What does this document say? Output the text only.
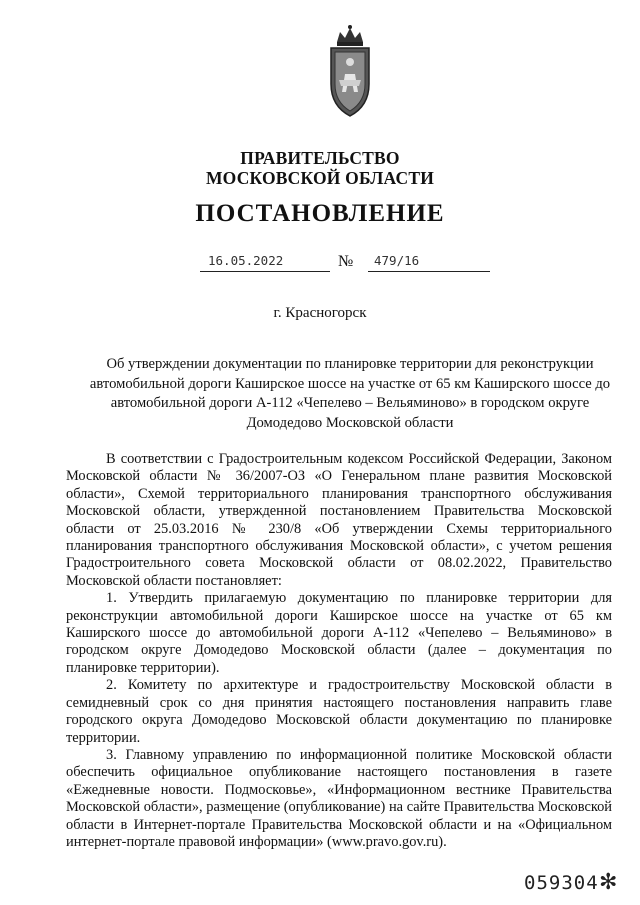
ПРАВИТЕЛЬСТВО
МОСКОВСКОЙ ОБЛАСТИ
ПОСТАНОВЛЕНИЕ
16.05.2022	№	479/16
г. Красногорск
Об утверждении документации по планировке территории для реконструкции автомобильной дороги Каширское шоссе на участке от 65 км Каширского шоссе до автомобильной дороги А-112 «Чепелево – Вельяминово» в городском округе Домодедово Московской области

В соответствии с Градостроительным кодексом Российской Федерации, Законом Московской области № 36/2007-ОЗ «О Генеральном плане развития Московской области», Схемой территориального планирования транспортного обслуживания Московской области, утвержденной постановлением Правительства Московской области от 25.03.2016 № 230/8 «Об утверждении Схемы территориального планирования транспортного обслуживания Московской области», с учетом решения Градостроительного совета Московской области от 08.02.2022, Правительство Московской области постановляет:

1. Утвердить прилагаемую документацию по планировке территории для реконструкции автомобильной дороги Каширское шоссе на участке от 65 км Каширского шоссе до автомобильной дороги А-112 «Чепелево – Вельяминово» в городском округе Домодедово Московской области (далее – документация по планировке территории).

2. Комитету по архитектуре и градостроительству Московской области в семидневный срок со дня принятия настоящего постановления направить главе городского округа Домодедово Московской области документацию по планировке территории.

3. Главному управлению по информационной политике Московской области обеспечить официальное опубликование настоящего постановления в газете «Ежедневные новости. Подмосковье», «Информационном вестнике Правительства Московской области», размещение (опубликование) на сайте Правительства Московской области в Интернет-портале Правительства Московской области и на «Официальном интернет-портале правовой информации» (www.pravo.gov.ru).

059304 ✻
